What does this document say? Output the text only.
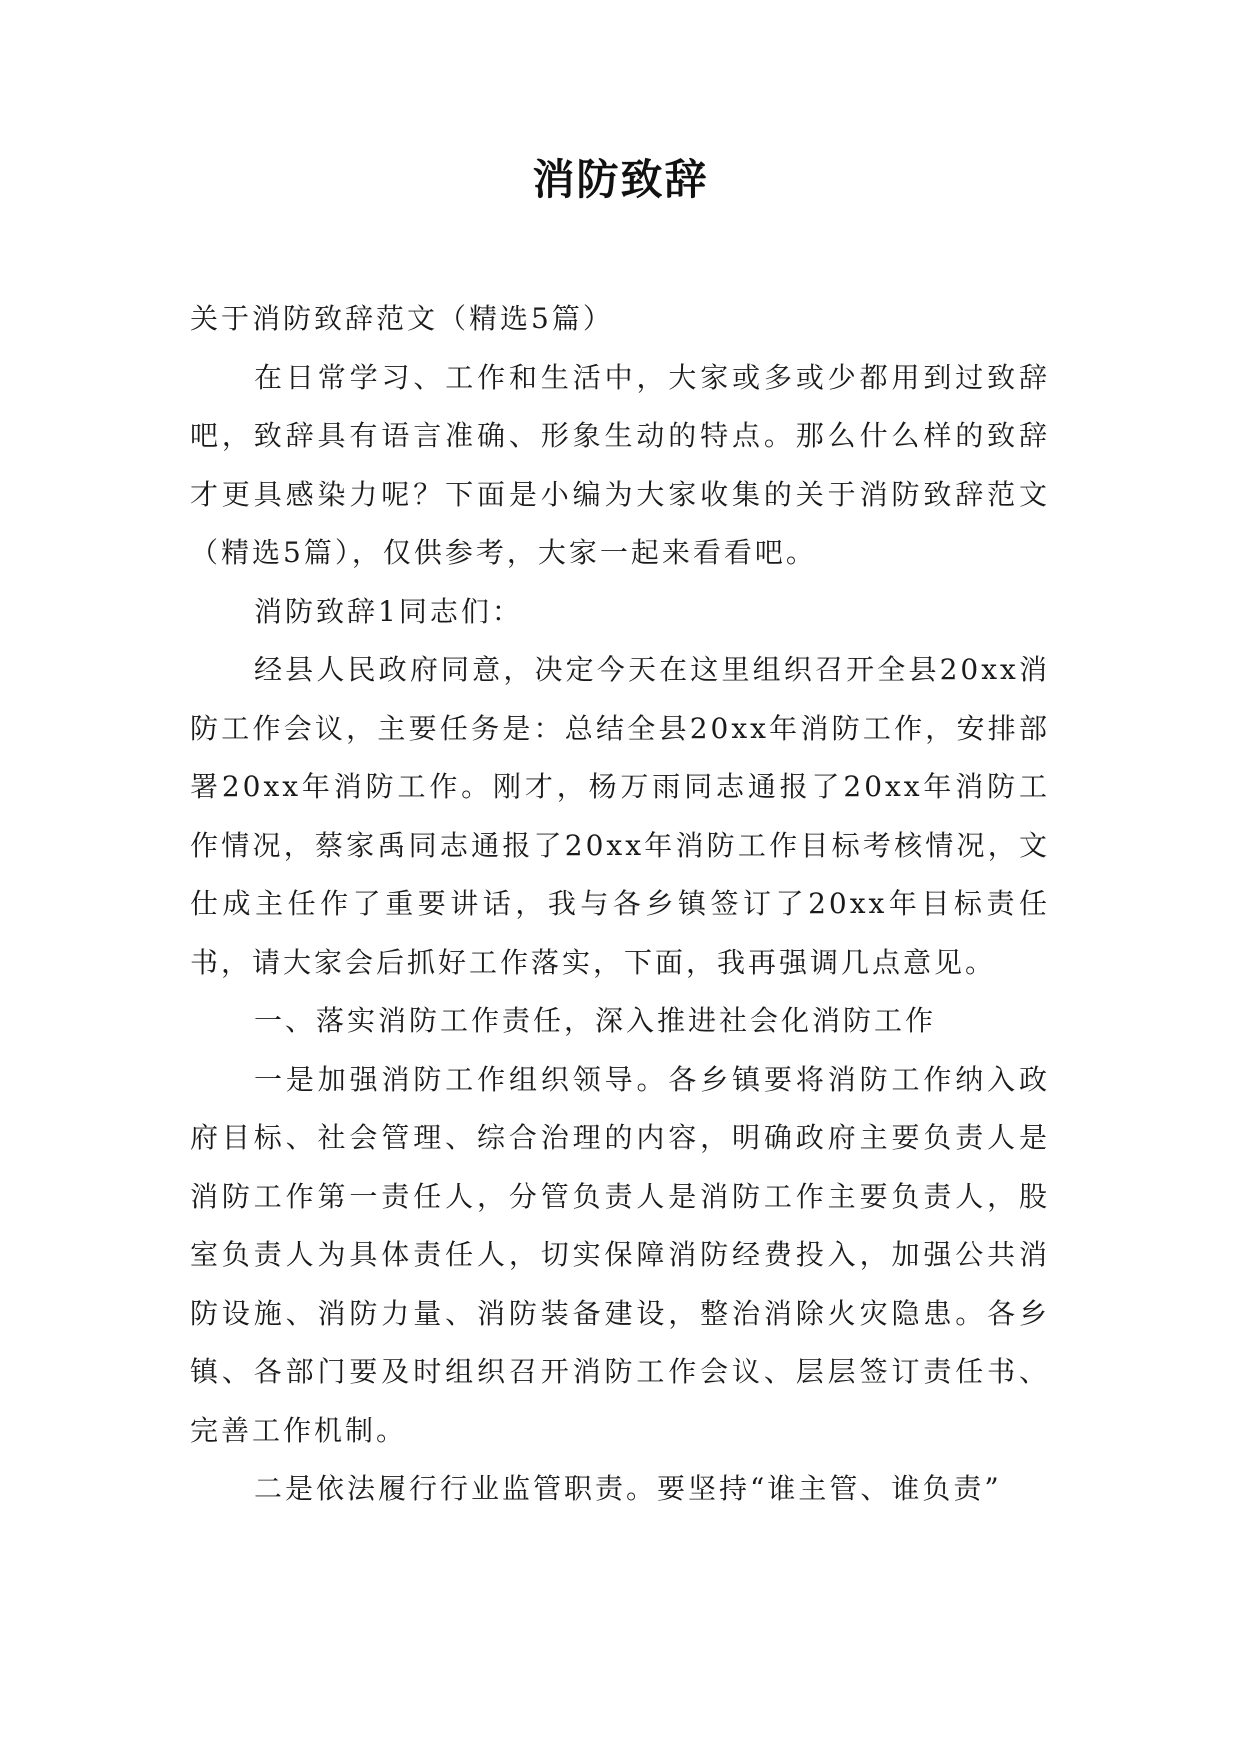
消防致辞

关于消防致辞范文（精选5篇）

在日常学习、工作和生活中，大家或多或少都用到过致辞吧，致辞具有语言准确、形象生动的特点。那么什么样的致辞才更具感染力呢？下面是小编为大家收集的关于消防致辞范文（精选5篇），仅供参考，大家一起来看看吧。

消防致辞1同志们：

经县人民政府同意，决定今天在这里组织召开全县20xx消防工作会议，主要任务是：总结全县20xx年消防工作，安排部署20xx年消防工作。刚才，杨万雨同志通报了20xx年消防工作情况，蔡家禹同志通报了20xx年消防工作目标考核情况，文仕成主任作了重要讲话，我与各乡镇签订了20xx年目标责任书，请大家会后抓好工作落实，下面，我再强调几点意见。

一、落实消防工作责任，深入推进社会化消防工作

一是加强消防工作组织领导。各乡镇要将消防工作纳入政府目标、社会管理、综合治理的内容，明确政府主要负责人是消防工作第一责任人，分管负责人是消防工作主要负责人，股室负责人为具体责任人，切实保障消防经费投入，加强公共消防设施、消防力量、消防装备建设，整治消除火灾隐患。各乡镇、各部门要及时组织召开消防工作会议、层层签订责任书、完善工作机制。

二是依法履行行业监管职责。要坚持“谁主管、谁负责”
